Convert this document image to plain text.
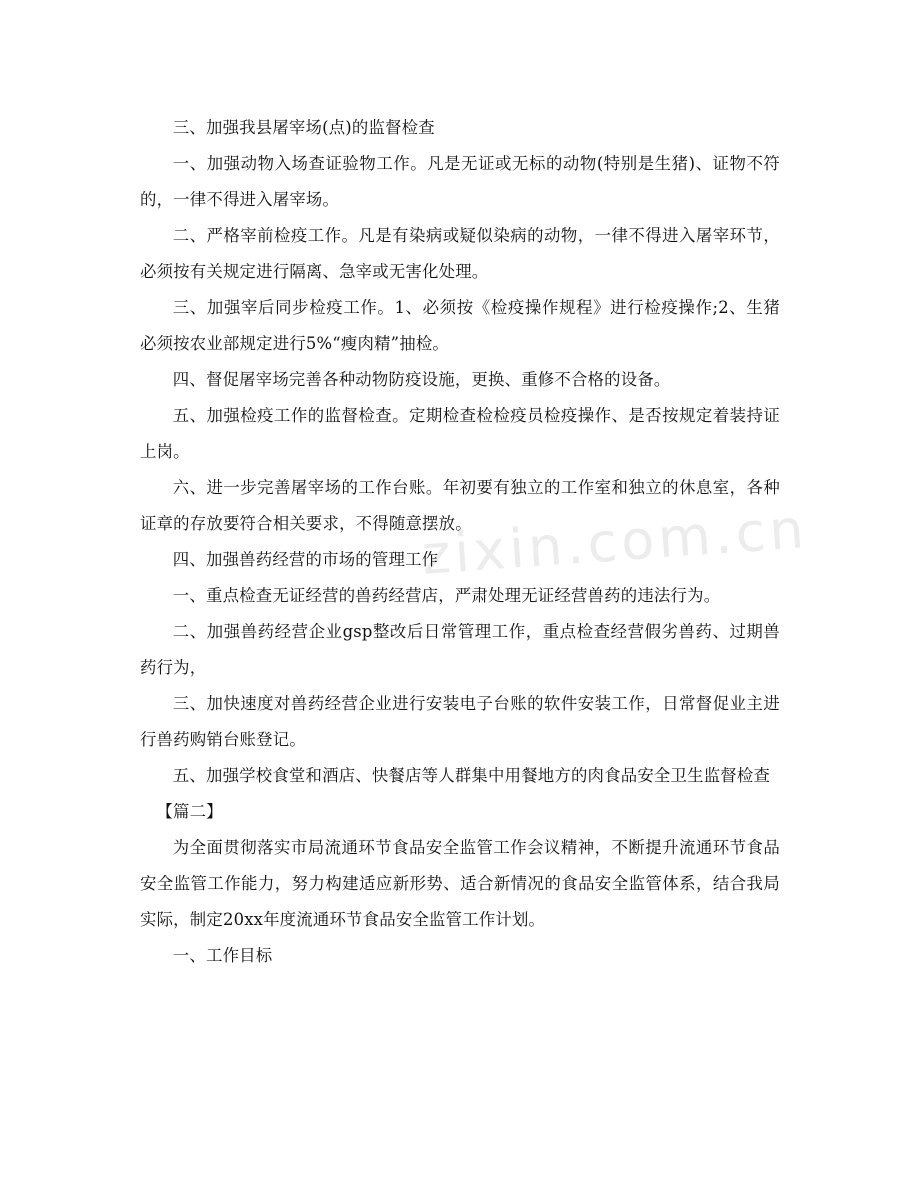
zixin.com.cn

三、加强我县屠宰场(点)的监督检查

一、加强动物入场查证验物工作。凡是无证或无标的动物(特别是生猪)、证物不符的，一律不得进入屠宰场。

二、严格宰前检疫工作。凡是有染病或疑似染病的动物，一律不得进入屠宰环节，必须按有关规定进行隔离、急宰或无害化处理。

三、加强宰后同步检疫工作。1、必须按《检疫操作规程》进行检疫操作;2、生猪必须按农业部规定进行5%“瘦肉精”抽检。

四、督促屠宰场完善各种动物防疫设施，更换、重修不合格的设备。

五、加强检疫工作的监督检查。定期检查检检疫员检疫操作、是否按规定着装持证上岗。

六、进一步完善屠宰场的工作台账。年初要有独立的工作室和独立的休息室，各种证章的存放要符合相关要求，不得随意摆放。

四、加强兽药经营的市场的管理工作

一、重点检查无证经营的兽药经营店，严肃处理无证经营兽药的违法行为。

二、加强兽药经营企业gsp整改后日常管理工作，重点检查经营假劣兽药、过期兽药行为，

三、加快速度对兽药经营企业进行安装电子台账的软件安装工作，日常督促业主进行兽药购销台账登记。

五、加强学校食堂和酒店、快餐店等人群集中用餐地方的肉食品安全卫生监督检查

【篇二】

为全面贯彻落实市局流通环节食品安全监管工作会议精神，不断提升流通环节食品安全监管工作能力，努力构建适应新形势、适合新情况的食品安全监管体系，结合我局实际，制定20xx年度流通环节食品安全监管工作计划。

一、工作目标
